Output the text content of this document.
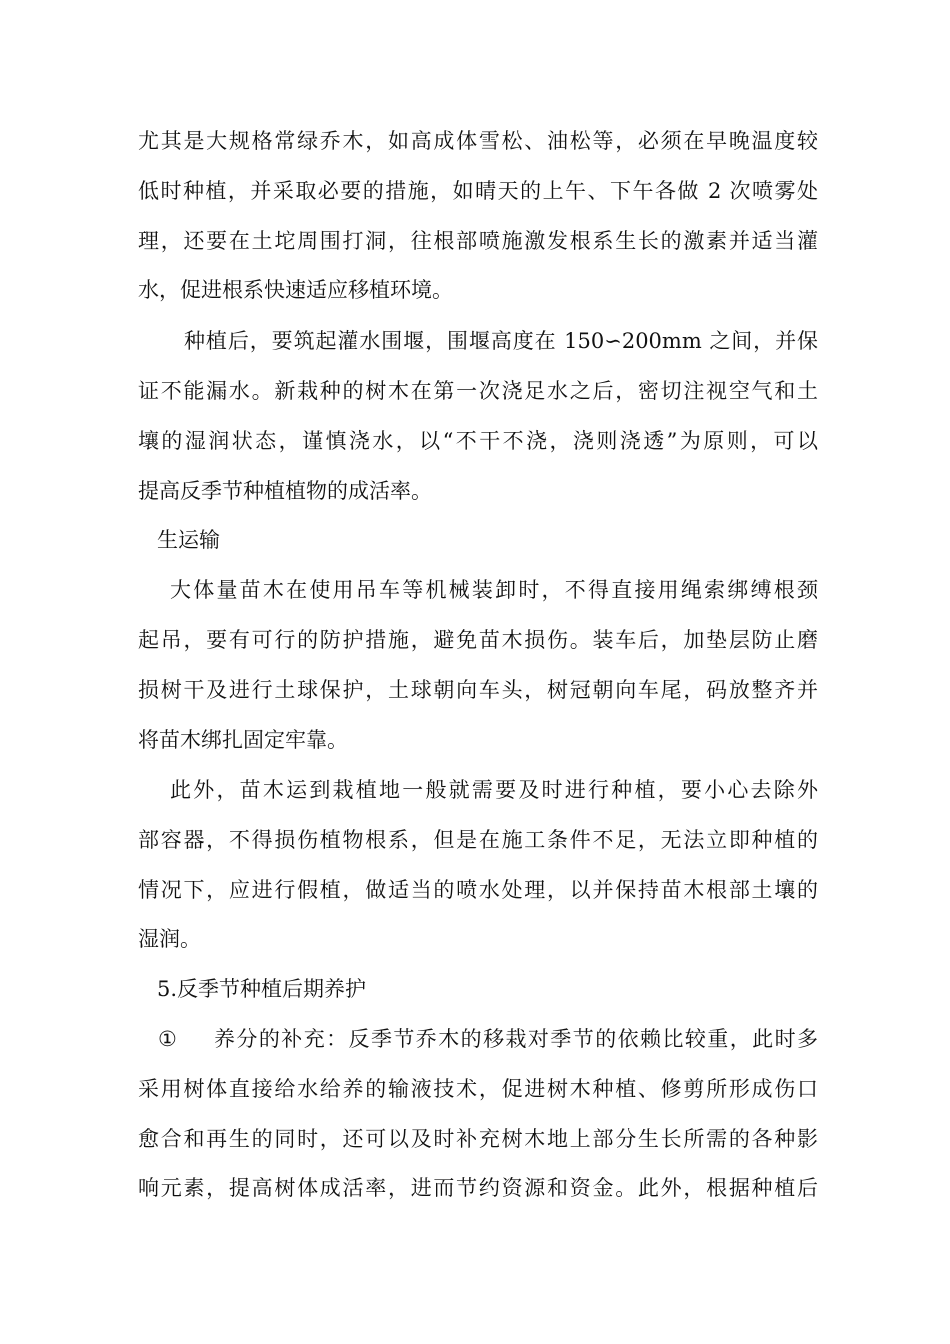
尤其是大规格常绿乔木，如高成体雪松、油松等，必须在早晚温度较
低时种植，并采取必要的措施，如晴天的上午、下午各做 2 次喷雾处
理，还要在土坨周围打洞，往根部喷施激发根系生长的激素并适当灌
水，促进根系快速适应移植环境。
种植后，要筑起灌水围堰，围堰高度在 150∽200mm 之间，并保
证不能漏水。新栽种的树木在第一次浇足水之后，密切注视空气和土
壤的湿润状态，谨慎浇水，以“不干不浇，浇则浇透”为原则，可以
提高反季节种植植物的成活率。
生运输
大体量苗木在使用吊车等机械装卸时，不得直接用绳索绑缚根颈
起吊，要有可行的防护措施，避免苗木损伤。装车后，加垫层防止磨
损树干及进行土球保护，土球朝向车头，树冠朝向车尾，码放整齐并
将苗木绑扎固定牢靠。
此外，苗木运到栽植地一般就需要及时进行种植，要小心去除外
部容器，不得损伤植物根系，但是在施工条件不足，无法立即种植的
情况下，应进行假植，做适当的喷水处理，以并保持苗木根部土壤的
湿润。
5.反季节种植后期养护
①	养分的补充：反季节乔木的移栽对季节的依赖比较重，此时多
采用树体直接给水给养的输液技术，促进树木种植、修剪所形成伤口
愈合和再生的同时，还可以及时补充树木地上部分生长所需的各种影
响元素，提高树体成活率，进而节约资源和资金。此外，根据种植后
